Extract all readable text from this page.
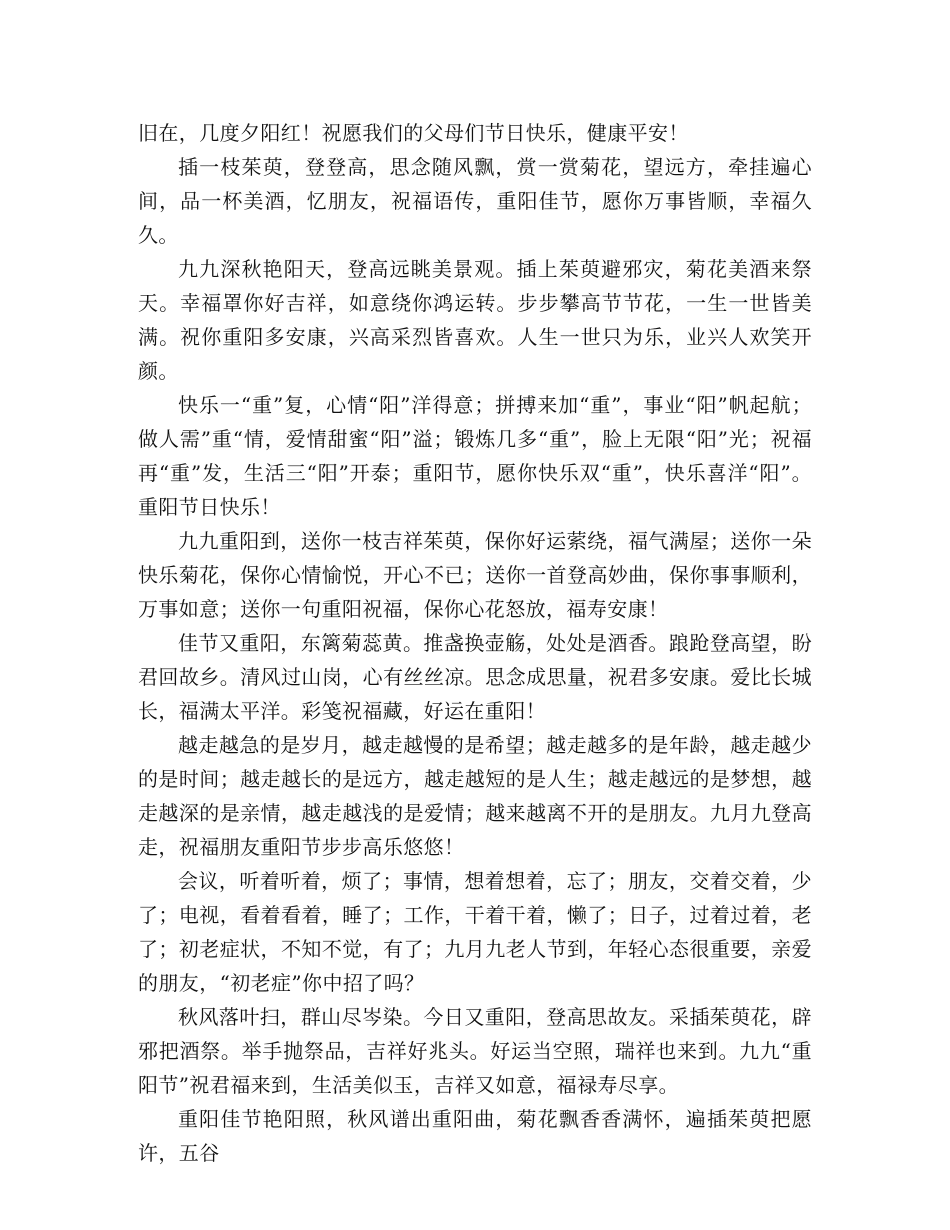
旧在，几度夕阳红！祝愿我们的父母们节日快乐，健康平安！

插一枝茱萸，登登高，思念随风飘，赏一赏菊花，望远方，牵挂遍心间，品一杯美酒，忆朋友，祝福语传，重阳佳节，愿你万事皆顺，幸福久久。

九九深秋艳阳天，登高远眺美景观。插上茱萸避邪灾，菊花美酒来祭天。幸福罩你好吉祥，如意绕你鸿运转。步步攀高节节花，一生一世皆美满。祝你重阳多安康，兴高采烈皆喜欢。人生一世只为乐，业兴人欢笑开颜。

快乐一“重”复，心情“阳”洋得意；拼搏来加“重”，事业“阳”帆起航；做人需”重“情，爱情甜蜜“阳”溢；锻炼几多“重”，脸上无限“阳”光；祝福再“重”发，生活三“阳”开泰；重阳节，愿你快乐双“重”，快乐喜洋“阳”。重阳节日快乐！

九九重阳到，送你一枝吉祥茱萸，保你好运萦绕，福气满屋；送你一朵快乐菊花，保你心情愉悦，开心不已；送你一首登高妙曲，保你事事顺利，万事如意；送你一句重阳祝福，保你心花怒放，福寿安康！

佳节又重阳，东篱菊蕊黄。推盏换壶觞，处处是酒香。踉跄登高望，盼君回故乡。清风过山岗，心有丝丝凉。思念成思量，祝君多安康。爱比长城长，福满太平洋。彩笺祝福藏，好运在重阳！

越走越急的是岁月，越走越慢的是希望；越走越多的是年龄，越走越少的是时间；越走越长的是远方，越走越短的是人生；越走越远的是梦想，越走越深的是亲情，越走越浅的是爱情；越来越离不开的是朋友。九月九登高走，祝福朋友重阳节步步高乐悠悠！

会议，听着听着，烦了；事情，想着想着，忘了；朋友，交着交着，少了；电视，看着看着，睡了；工作，干着干着，懒了；日子，过着过着，老了；初老症状，不知不觉，有了；九月九老人节到，年轻心态很重要，亲爱的朋友，“初老症”你中招了吗？

秋风落叶扫，群山尽岑染。今日又重阳，登高思故友。采插茱萸花，辟邪把酒祭。举手抛祭品，吉祥好兆头。好运当空照，瑞祥也来到。九九“重阳节”祝君福来到，生活美似玉，吉祥又如意，福禄寿尽享。

重阳佳节艳阳照，秋风谱出重阳曲，菊花飘香香满怀，遍插茱萸把愿许，五谷
